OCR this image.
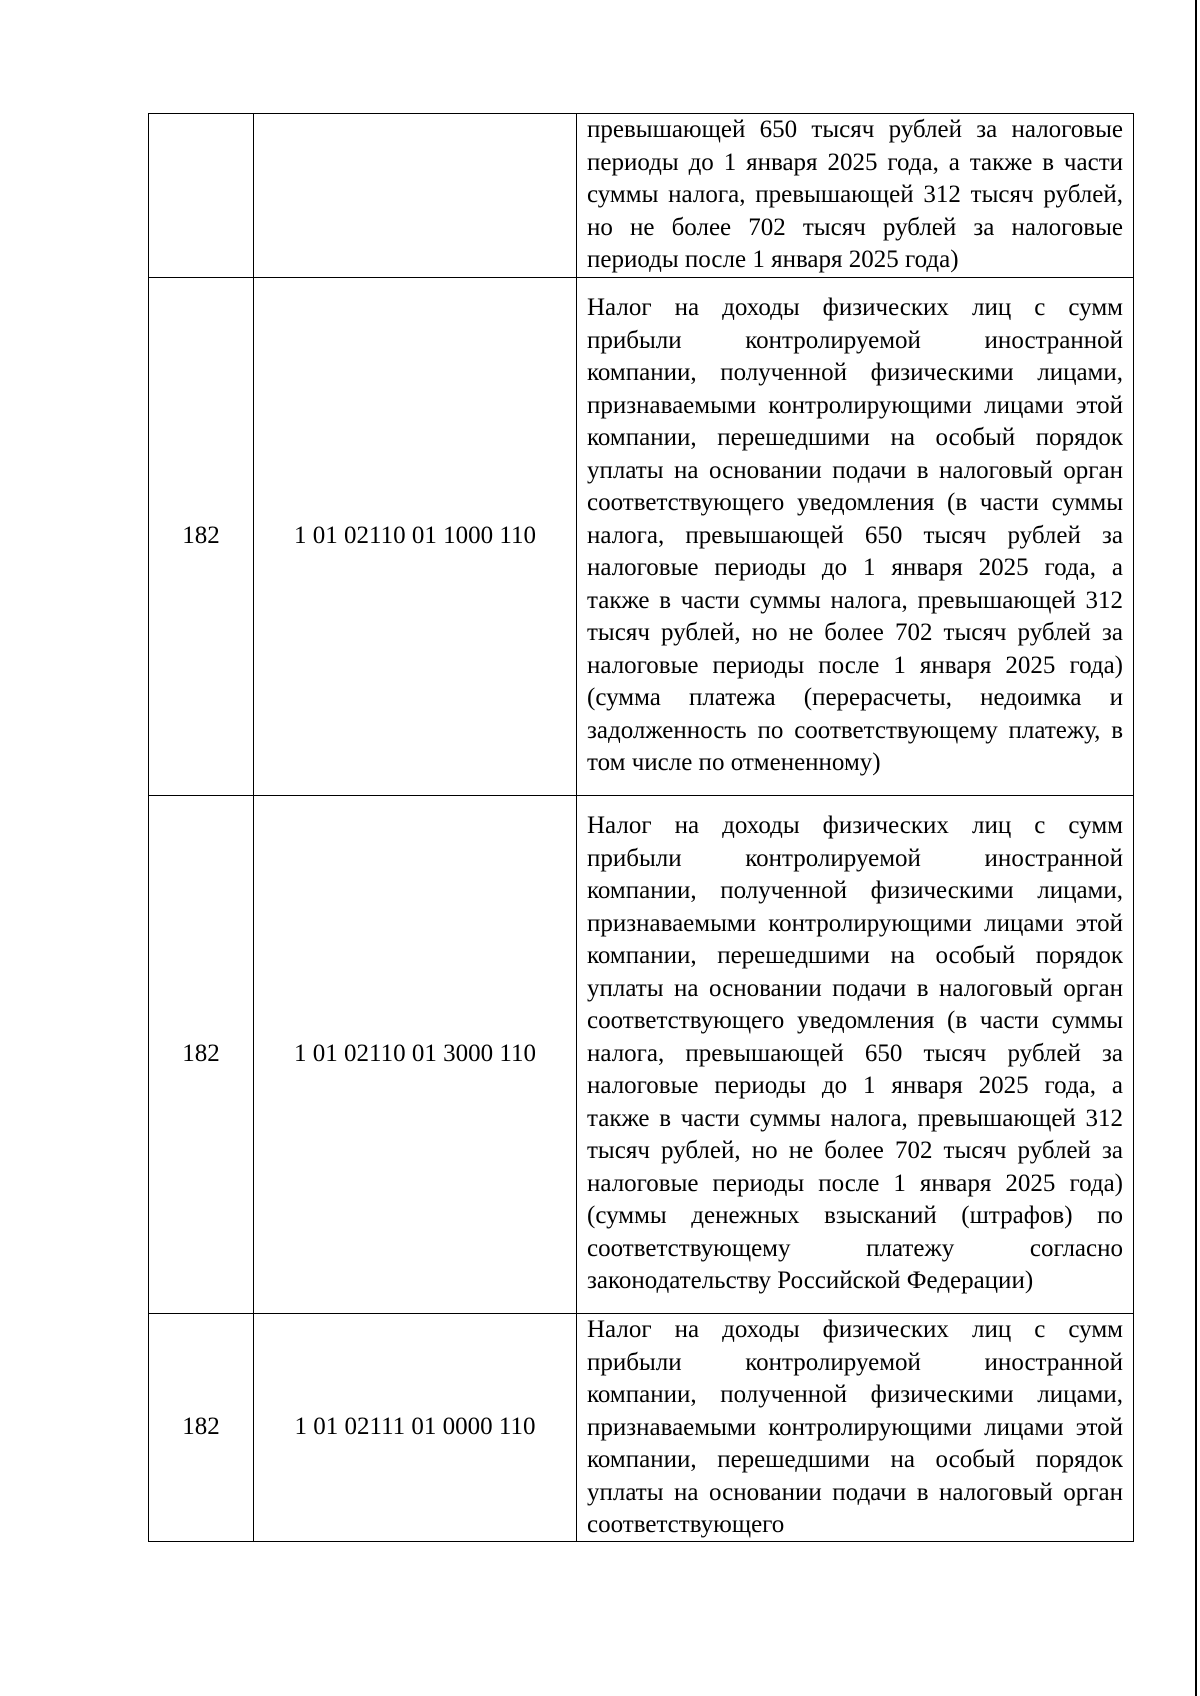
		превышающей 650 тысяч рублей за налоговые периоды до 1 января 2025 года, а также в части суммы налога, превышающей 312 тысяч рублей, но не более 702 тысяч рублей за налоговые периоды после 1 января 2025 года)
182	1 01 02110 01 1000 110	Налог на доходы физических лиц с сумм прибыли контролируемой иностранной компании, полученной физическими лицами, признаваемыми контролирующими лицами этой компании, перешедшими на особый порядок уплаты на основании подачи в налоговый орган соответствующего уведомления (в части суммы налога, превышающей 650 тысяч рублей за налоговые периоды до 1 января 2025 года, а также в части суммы налога, превышающей 312 тысяч рублей, но не более 702 тысяч рублей за налоговые периоды после 1 января 2025 года) (сумма платежа (перерасчеты, недоимка и задолженность по соответствующему платежу, в том числе по отмененному)
182	1 01 02110 01 3000 110	Налог на доходы физических лиц с сумм прибыли контролируемой иностранной компании, полученной физическими лицами, признаваемыми контролирующими лицами этой компании, перешедшими на особый порядок уплаты на основании подачи в налоговый орган соответствующего уведомления (в части суммы налога, превышающей 650 тысяч рублей за налоговые периоды до 1 января 2025 года, а также в части суммы налога, превышающей 312 тысяч рублей, но не более 702 тысяч рублей за налоговые периоды после 1 января 2025 года) (суммы денежных взысканий (штрафов) по соответствующему платежу согласно законодательству Российской Федерации)
182	1 01 02111 01 0000 110	Налог на доходы физических лиц с сумм прибыли контролируемой иностранной компании, полученной физическими лицами, признаваемыми контролирующими лицами этой компании, перешедшими на особый порядок уплаты на основании подачи в налоговый орган соответствующего
